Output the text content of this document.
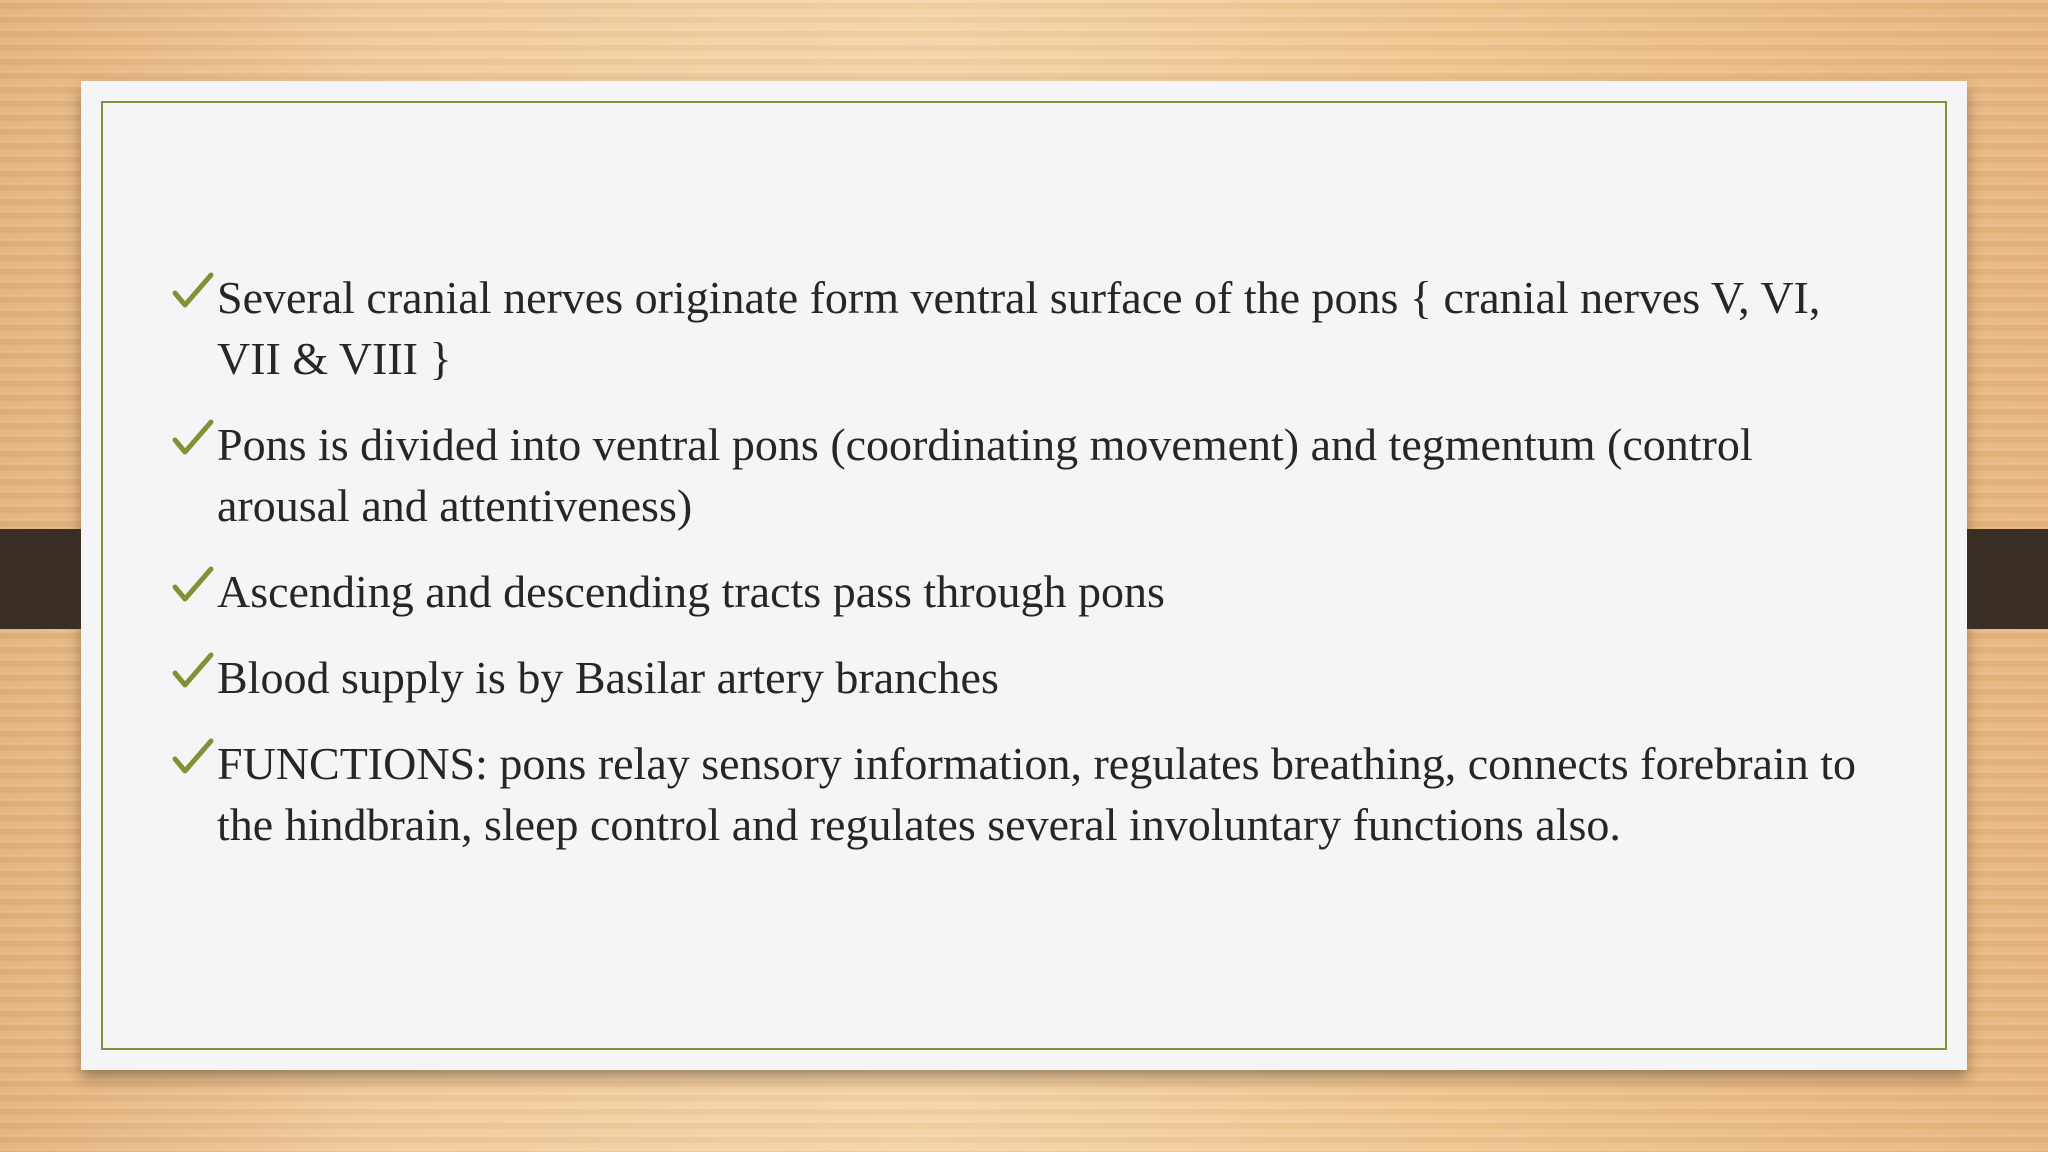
Several cranial nerves originate form ventral surface of the pons { cranial nerves V, VI, VII & VIII }
Pons is divided into ventral pons (coordinating movement) and tegmentum (control arousal and attentiveness)
Ascending and descending tracts pass through pons
Blood supply is by Basilar artery branches
FUNCTIONS: pons relay sensory information, regulates breathing, connects forebrain to the hindbrain, sleep control and regulates several involuntary functions also.
